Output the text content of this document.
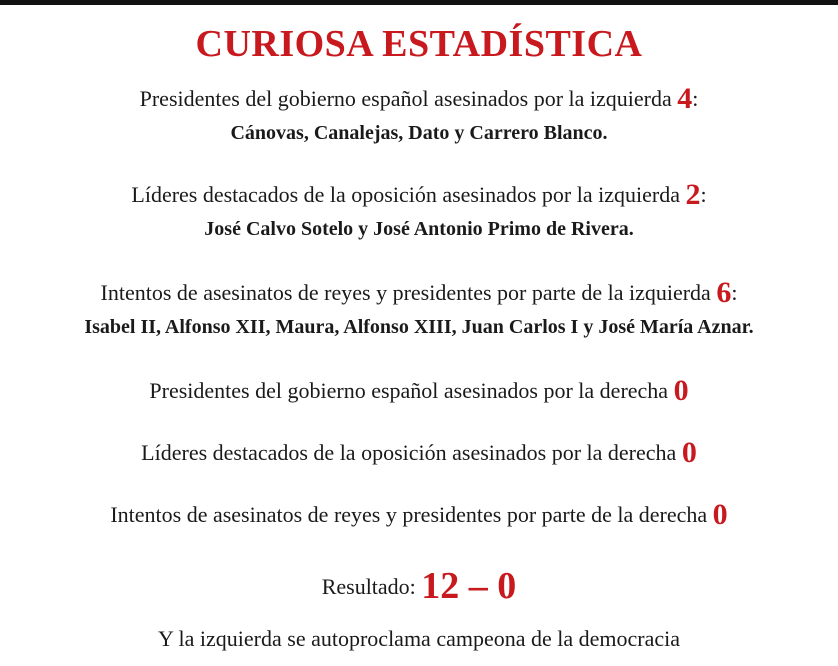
CURIOSA ESTADÍSTICA
Presidentes del gobierno español asesinados por la izquierda 4:
Cánovas, Canalejas, Dato y Carrero Blanco.
Líderes destacados de la oposición asesinados por la izquierda 2:
José Calvo Sotelo y José Antonio Primo de Rivera.
Intentos de asesinatos de reyes y presidentes por parte de la izquierda 6:
Isabel II, Alfonso XII, Maura, Alfonso XIII, Juan Carlos I y José María Aznar.
Presidentes del gobierno español asesinados por la derecha 0
Líderes destacados de la oposición asesinados por la derecha 0
Intentos de asesinatos de reyes y presidentes por parte de la derecha 0
Resultado: 12 – 0
Y la izquierda se autoproclama campeona de la democracia
